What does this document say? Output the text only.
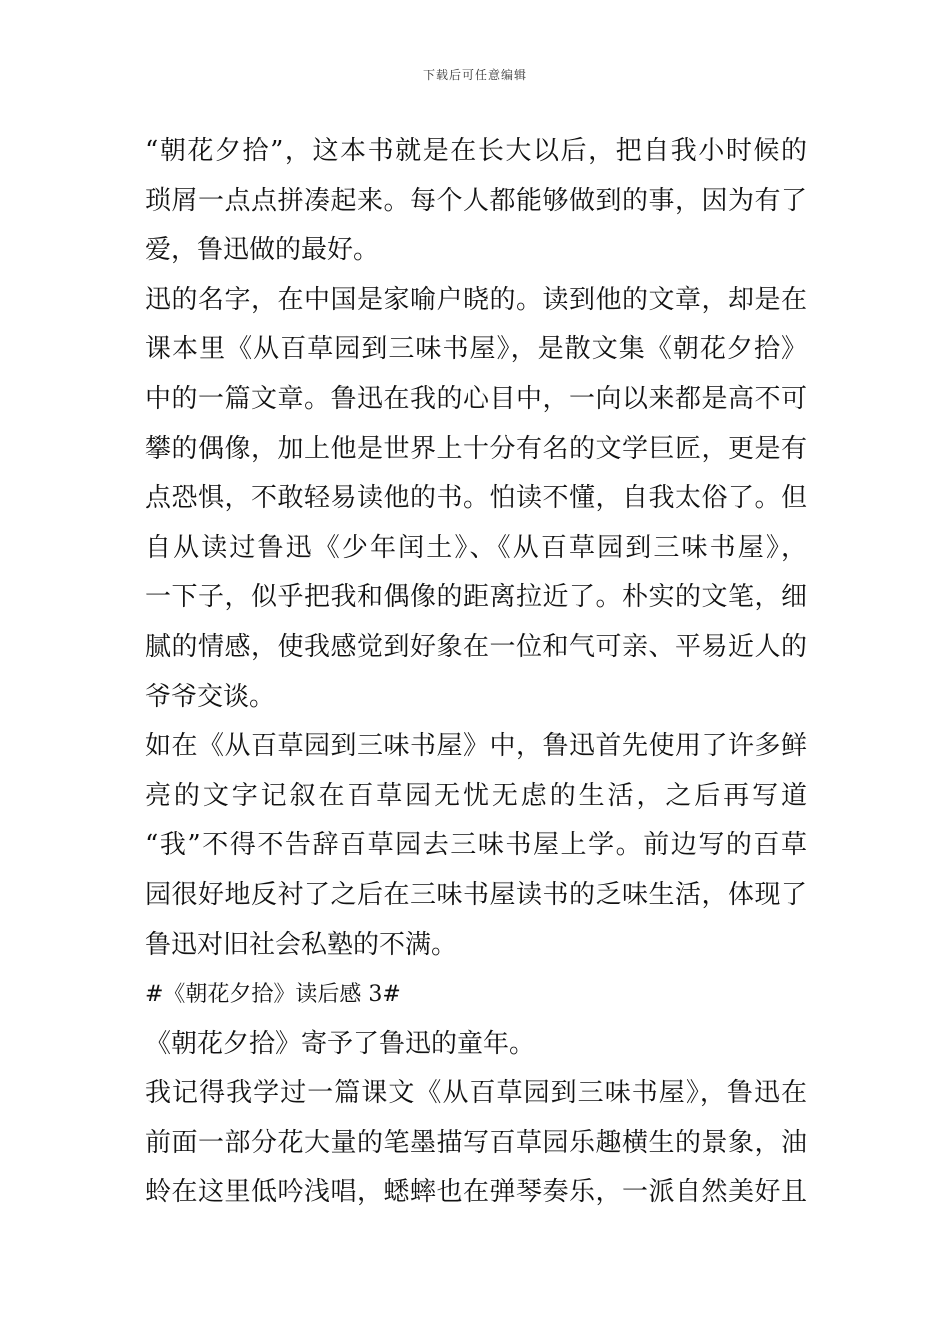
下载后可任意编辑
“朝花夕拾”，这本书就是在长大以后，把自我小时候的
琐屑一点点拼凑起来。每个人都能够做到的事，因为有了
爱，鲁迅做的最好。
迅的名字，在中国是家喻户晓的。读到他的文章，却是在
课本里《从百草园到三味书屋》，是散文集《朝花夕拾》
中的一篇文章。鲁迅在我的心目中，一向以来都是高不可
攀的偶像，加上他是世界上十分有名的文学巨匠，更是有
点恐惧，不敢轻易读他的书。怕读不懂，自我太俗了。但
自从读过鲁迅《少年闰土》、《从百草园到三味书屋》，
一下子，似乎把我和偶像的距离拉近了。朴实的文笔，细
腻的情感，使我感觉到好象在一位和气可亲、平易近人的
爷爷交谈。
如在《从百草园到三味书屋》中，鲁迅首先使用了许多鲜
亮的文字记叙在百草园无忧无虑的生活，之后再写道
“我”不得不告辞百草园去三味书屋上学。前边写的百草
园很好地反衬了之后在三味书屋读书的乏味生活，体现了
鲁迅对旧社会私塾的不满。
#《朝花夕拾》读后感 3#
《朝花夕拾》寄予了鲁迅的童年。
我记得我学过一篇课文《从百草园到三味书屋》，鲁迅在
前面一部分花大量的笔墨描写百草园乐趣横生的景象，油
蛉在这里低吟浅唱，蟋蟀也在弹琴奏乐，一派自然美好且
